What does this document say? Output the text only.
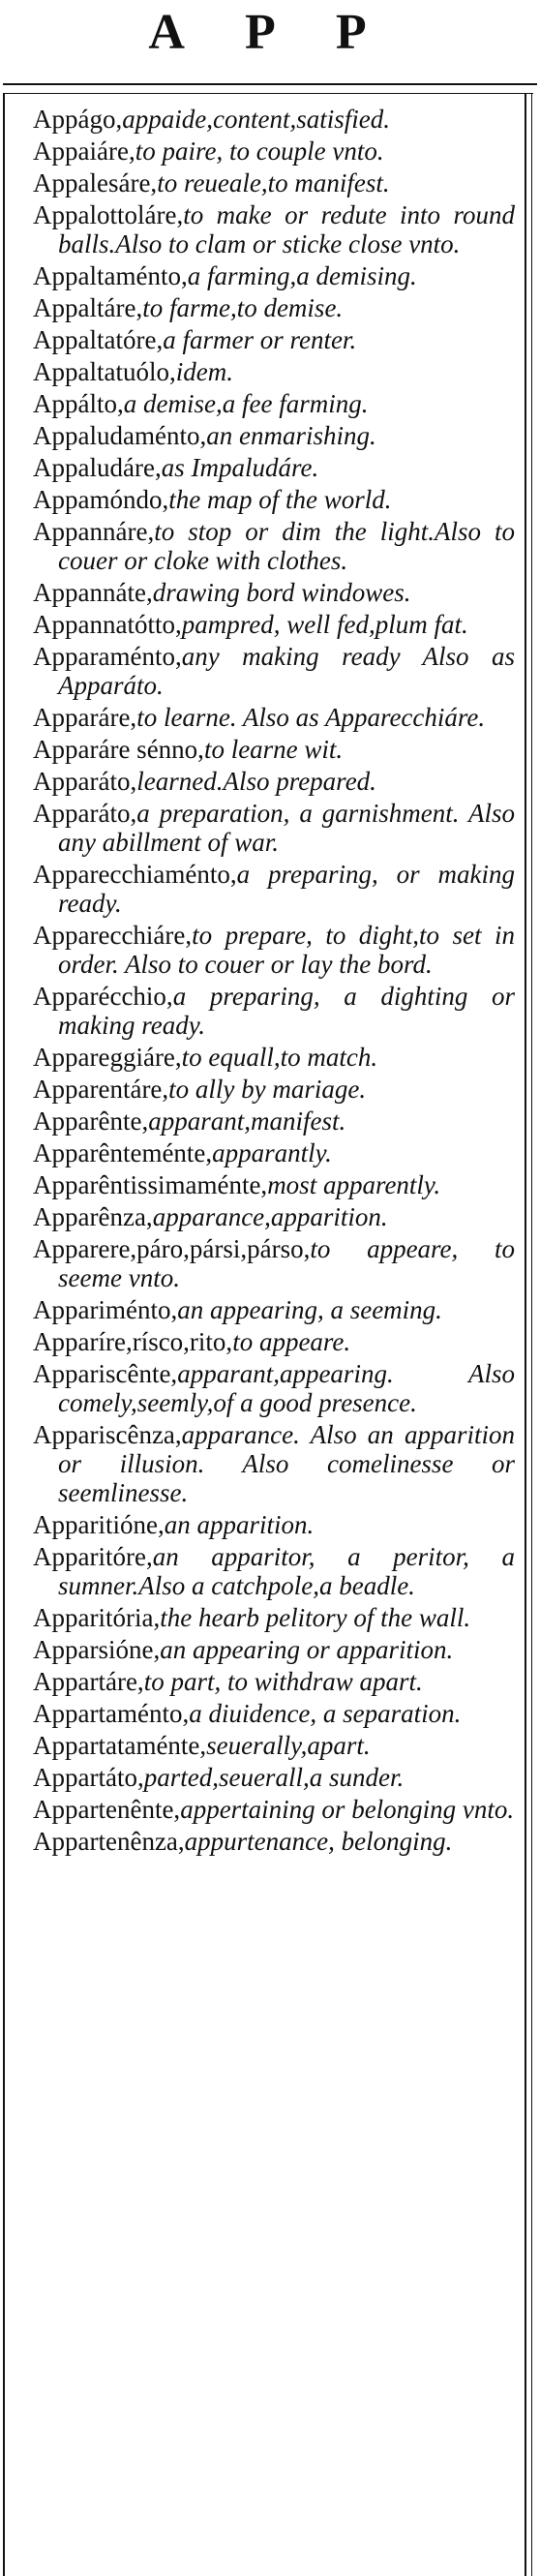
A P P
Appágo,appaide,content,satisfied.
Appaiáre,to paire, to couple vnto.
Appalesáre,to reueale,to manifest.
Appalottoláre,to make or redute into round balls.Also to clam or sticke close vnto.
Appaltaménto,a farming,a demising.
Appaltáre,to farme,to demise.
Appaltatóre,a farmer or renter.
Appaltatuólo,idem.
Appálto,a demise,a fee farming.
Appaludaménto,an enmarishing.
Appaludáre,as Impaludáre.
Appamóndo,the map of the world.
Appannáre,to stop or dim the light.Also to couer or cloke with clothes.
Appannáte,drawing bord windowes.
Appannatótto,pampred, well fed,plum fat.
Apparaménto,any making ready Also as Apparáto.
Apparáre,to learne. Also as Apparecchiáre.
Apparáre sénno,to learne wit.
Apparáto,learned.Also prepared.
Apparáto,a preparation, a garnishment. Also any abillment of war.
Apparecchiaménto,a preparing, or making ready.
Apparecchiáre,to prepare, to dight,to set in order. Also to couer or lay the bord.
Apparécchio,a preparing, a dighting or making ready.
Appareggiáre,to equall,to match.
Apparentáre,to ally by mariage.
Apparênte,apparant,manifest.
Apparênteménte,apparantly.
Apparêntissimaménte,most apparently.
Apparênza,apparance,apparition.
Apparere,páro,pársi,párso,to appeare, to seeme vnto.
Appariménto,an appearing, a seeming.
Apparíre,rísco,rito,to appeare.
Appariscênte,apparant,appearing. Also comely,seemly,of a good presence.
Appariscênza,apparance. Also an apparition or illusion. Also comelinesse or seemlinesse.
Apparitióne,an apparition.
Apparitóre,an apparitor, a peritor, a sumner.Also a catchpole,a beadle.
Apparitória,the hearb pelitory of the wall.
Apparsióne,an appearing or apparition.
Appartáre,to part, to withdraw apart.
Appartaménto,a diuidence, a separation.
Appartataménte,seuerally,apart.
Appartáto,parted,seuerall,a sunder.
Appartenênte,appertaining or belonging vnto.
Appartenênza,appurtenance, belonging.
